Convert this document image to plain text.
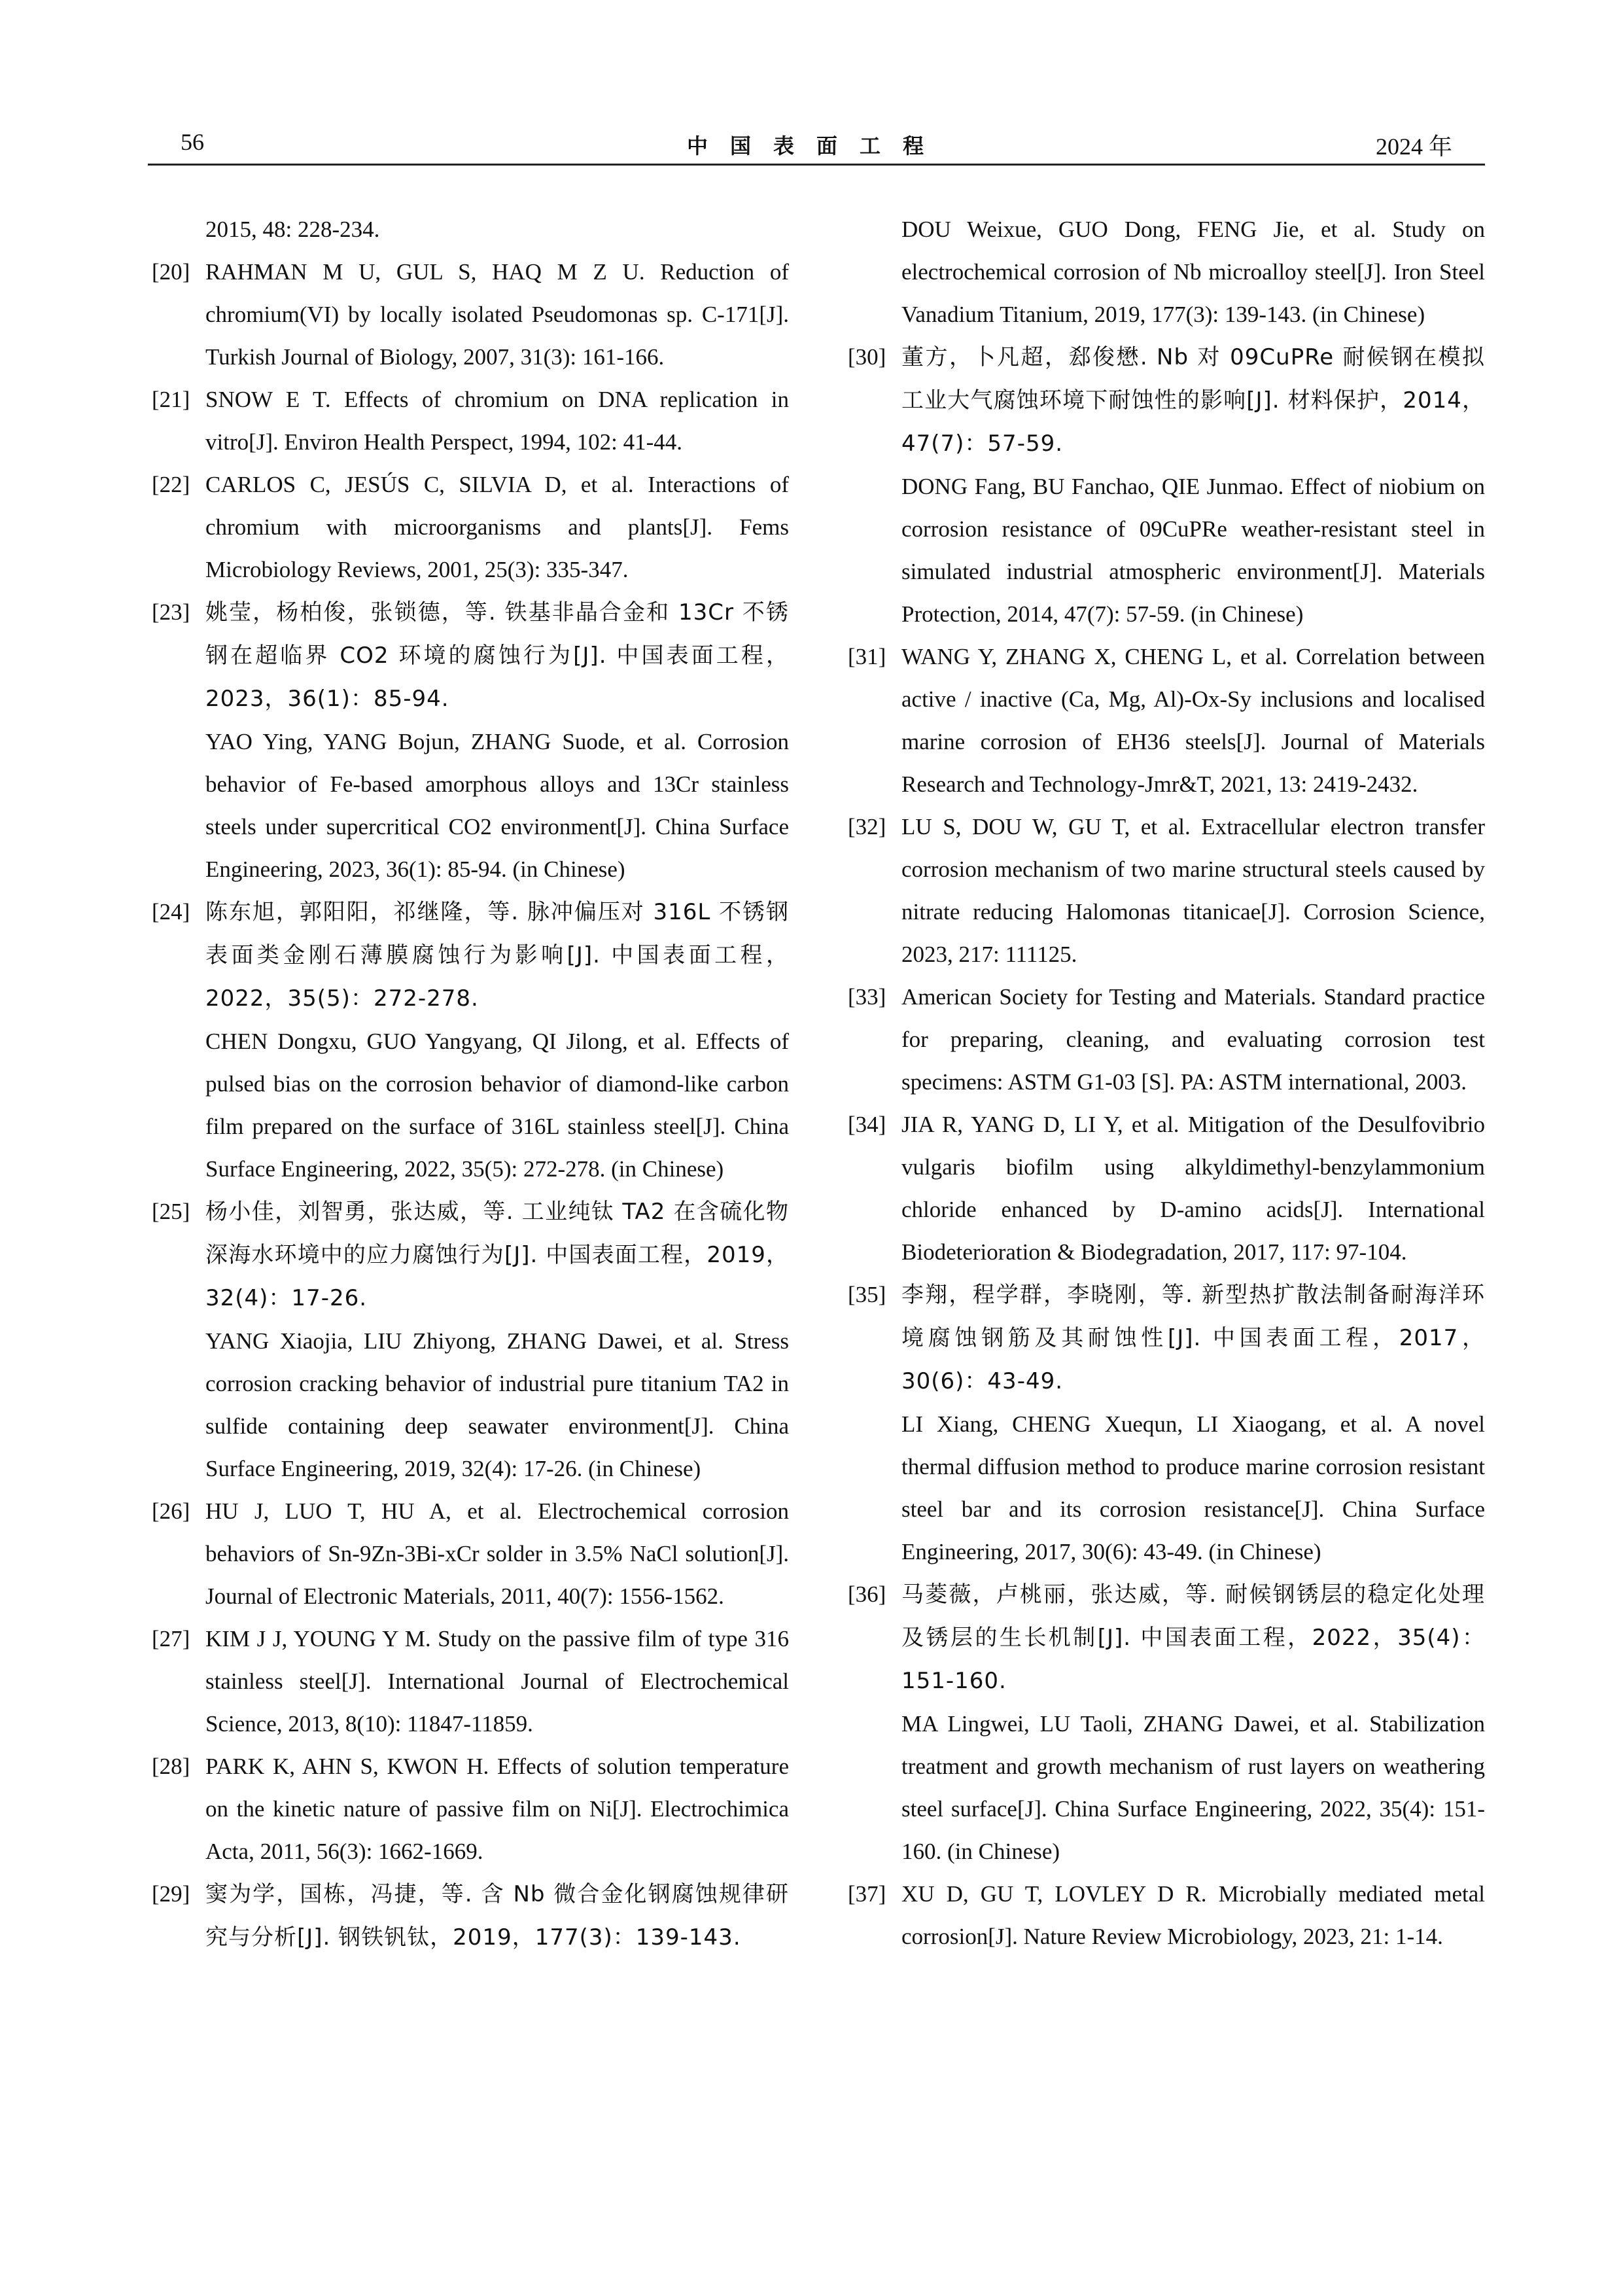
56	中国表面工程	2024 年
2015, 48: 228-234.
[20] RAHMAN M U, GUL S, HAQ M Z U. Reduction of chromium(VI) by locally isolated Pseudomonas sp. C-171[J]. Turkish Journal of Biology, 2007, 31(3): 161-166.
[21] SNOW E T. Effects of chromium on DNA replication in vitro[J]. Environ Health Perspect, 1994, 102: 41-44.
[22] CARLOS C, JESÚS C, SILVIA D, et al. Interactions of chromium with microorganisms and plants[J]. Fems Microbiology Reviews, 2001, 25(3): 335-347.
[23] 姚莹，杨柏俊，张锁德，等. 铁基非晶合金和 13Cr 不锈钢在超临界 CO2 环境的腐蚀行为[J]. 中国表面工程，2023，36(1)：85-94.
YAO Ying, YANG Bojun, ZHANG Suode, et al. Corrosion behavior of Fe-based amorphous alloys and 13Cr stainless steels under supercritical CO2 environment[J]. China Surface Engineering, 2023, 36(1): 85-94. (in Chinese)
[24] 陈东旭，郭阳阳，祁继隆，等. 脉冲偏压对 316L 不锈钢表面类金刚石薄膜腐蚀行为影响[J]. 中国表面工程，2022，35(5)：272-278.
CHEN Dongxu, GUO Yangyang, QI Jilong, et al. Effects of pulsed bias on the corrosion behavior of diamond-like carbon film prepared on the surface of 316L stainless steel[J]. China Surface Engineering, 2022, 35(5): 272-278. (in Chinese)
[25] 杨小佳，刘智勇，张达威，等. 工业纯钛 TA2 在含硫化物深海水环境中的应力腐蚀行为[J]. 中国表面工程，2019，32(4)：17-26.
YANG Xiaojia, LIU Zhiyong, ZHANG Dawei, et al. Stress corrosion cracking behavior of industrial pure titanium TA2 in sulfide containing deep seawater environment[J]. China Surface Engineering, 2019, 32(4): 17-26. (in Chinese)
[26] HU J, LUO T, HU A, et al. Electrochemical corrosion behaviors of Sn-9Zn-3Bi-xCr solder in 3.5% NaCl solution[J]. Journal of Electronic Materials, 2011, 40(7): 1556-1562.
[27] KIM J J, YOUNG Y M. Study on the passive film of type 316 stainless steel[J]. International Journal of Electrochemical Science, 2013, 8(10): 11847-11859.
[28] PARK K, AHN S, KWON H. Effects of solution temperature on the kinetic nature of passive film on Ni[J]. Electrochimica Acta, 2011, 56(3): 1662-1669.
[29] 窦为学，国栋，冯捷，等. 含 Nb 微合金化钢腐蚀规律研究与分析[J]. 钢铁钒钛，2019，177(3)：139-143.
DOU Weixue, GUO Dong, FENG Jie, et al. Study on electrochemical corrosion of Nb microalloy steel[J]. Iron Steel Vanadium Titanium, 2019, 177(3): 139-143. (in Chinese)
[30] 董方，卜凡超，郄俊懋. Nb 对 09CuPRe 耐候钢在模拟工业大气腐蚀环境下耐蚀性的影响[J]. 材料保护，2014，47(7)：57-59.
DONG Fang, BU Fanchao, QIE Junmao. Effect of niobium on corrosion resistance of 09CuPRe weather-resistant steel in simulated industrial atmospheric environment[J]. Materials Protection, 2014, 47(7): 57-59. (in Chinese)
[31] WANG Y, ZHANG X, CHENG L, et al. Correlation between active / inactive (Ca, Mg, Al)-Ox-Sy inclusions and localised marine corrosion of EH36 steels[J]. Journal of Materials Research and Technology-Jmr&T, 2021, 13: 2419-2432.
[32] LU S, DOU W, GU T, et al. Extracellular electron transfer corrosion mechanism of two marine structural steels caused by nitrate reducing Halomonas titanicae[J]. Corrosion Science, 2023, 217: 111125.
[33] American Society for Testing and Materials. Standard practice for preparing, cleaning, and evaluating corrosion test specimens: ASTM G1-03 [S]. PA: ASTM international, 2003.
[34] JIA R, YANG D, LI Y, et al. Mitigation of the Desulfovibrio vulgaris biofilm using alkyldimethyl-benzylammonium chloride enhanced by D-amino acids[J]. International Biodeterioration & Biodegradation, 2017, 117: 97-104.
[35] 李翔，程学群，李晓刚，等. 新型热扩散法制备耐海洋环境腐蚀钢筋及其耐蚀性[J]. 中国表面工程，2017，30(6)：43-49.
LI Xiang, CHENG Xuequn, LI Xiaogang, et al. A novel thermal diffusion method to produce marine corrosion resistant steel bar and its corrosion resistance[J]. China Surface Engineering, 2017, 30(6): 43-49. (in Chinese)
[36] 马菱薇，卢桃丽，张达威，等. 耐候钢锈层的稳定化处理及锈层的生长机制[J]. 中国表面工程，2022，35(4)：151-160.
MA Lingwei, LU Taoli, ZHANG Dawei, et al. Stabilization treatment and growth mechanism of rust layers on weathering steel surface[J]. China Surface Engineering, 2022, 35(4): 151-160. (in Chinese)
[37] XU D, GU T, LOVLEY D R. Microbially mediated metal corrosion[J]. Nature Review Microbiology, 2023, 21: 1-14.
